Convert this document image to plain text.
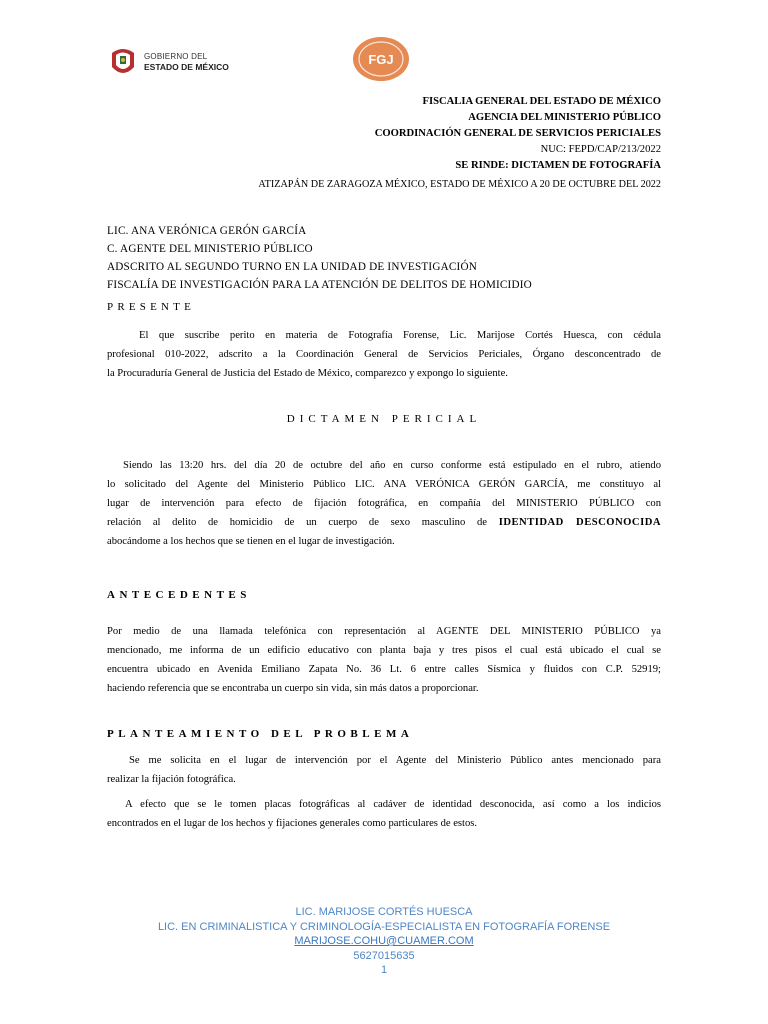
GOBIERNO DEL
ESTADO DE MÉXICO	FGJ
FISCALIA GENERAL DEL ESTADO DE MÉXICO
AGENCIA DEL MINISTERIO PÚBLICO
COORDINACIÓN GENERAL DE SERVICIOS PERICIALES
NUC: FEPD/CAP/213/2022
SE RINDE: DICTAMEN DE FOTOGRAFÍA
ATIZAPÁN DE ZARAGOZA MÉXICO, ESTADO DE MÉXICO A 20 DE OCTUBRE DEL 2022
LIC. ANA VERÓNICA GERÓN GARCÍA
C. AGENTE DEL MINISTERIO PÚBLICO
ADSCRITO AL SEGUNDO TURNO EN LA UNIDAD DE INVESTIGACIÓN
FISCALÍA DE INVESTIGACIÓN PARA LA ATENCIÓN DE DELITOS DE HOMICIDIO
PRESENTE
El que suscribe perito en materia de Fotografía Forense, Lic. Marijose Cortés Huesca, con cédula
profesional 010-2022, adscrito a la Coordinación General de Servicios Periciales, Órgano desconcentrado de
la Procuraduría General de Justicia del Estado de México, comparezco y expongo lo siguiente.
DICTAMEN PERICIAL
Siendo las 13:20 hrs. del día 20 de octubre del año en curso conforme está estipulado en el rubro, atiendo
lo solicitado del Agente del Ministerio Público LIC. ANA VERÓNICA GERÓN GARCÍA, me constituyo al
lugar de intervención para efecto de fijación fotográfica, en compañía del MINISTERIO PÚBLICO con
relación al delito de homicidio de un cuerpo de sexo masculino de IDENTIDAD DESCONOCIDA
abocándome a los hechos que se tienen en el lugar de investigación.
ANTECEDENTES
Por medio de una llamada telefónica con representación al AGENTE DEL MINISTERIO PÚBLICO ya
mencionado, me informa de un edificio educativo con planta baja y tres pisos el cual está ubicado el cual se
encuentra ubicado en Avenida Emiliano Zapata No. 36 Lt. 6 entre calles Sísmica y fluidos con C.P. 52919;
haciendo referencia que se encontraba un cuerpo sin vida, sin más datos a proporcionar.
PLANTEAMIENTO DEL PROBLEMA
Se me solicita en el lugar de intervención por el Agente del Ministerio Público antes mencionado para
realizar la fijación fotográfica.
A efecto que se le tomen placas fotográficas al cadáver de identidad desconocida, así como a los indicios
encontrados en el lugar de los hechos y fijaciones generales como particulares de estos.
LIC. MARIJOSE CORTÉS HUESCA
LIC. EN CRIMINALISTICA Y CRIMINOLOGÍA-ESPECIALISTA EN FOTOGRAFÍA FORENSE
MARIJOSE.COHU@CUAMER.COM
5627015635
1
